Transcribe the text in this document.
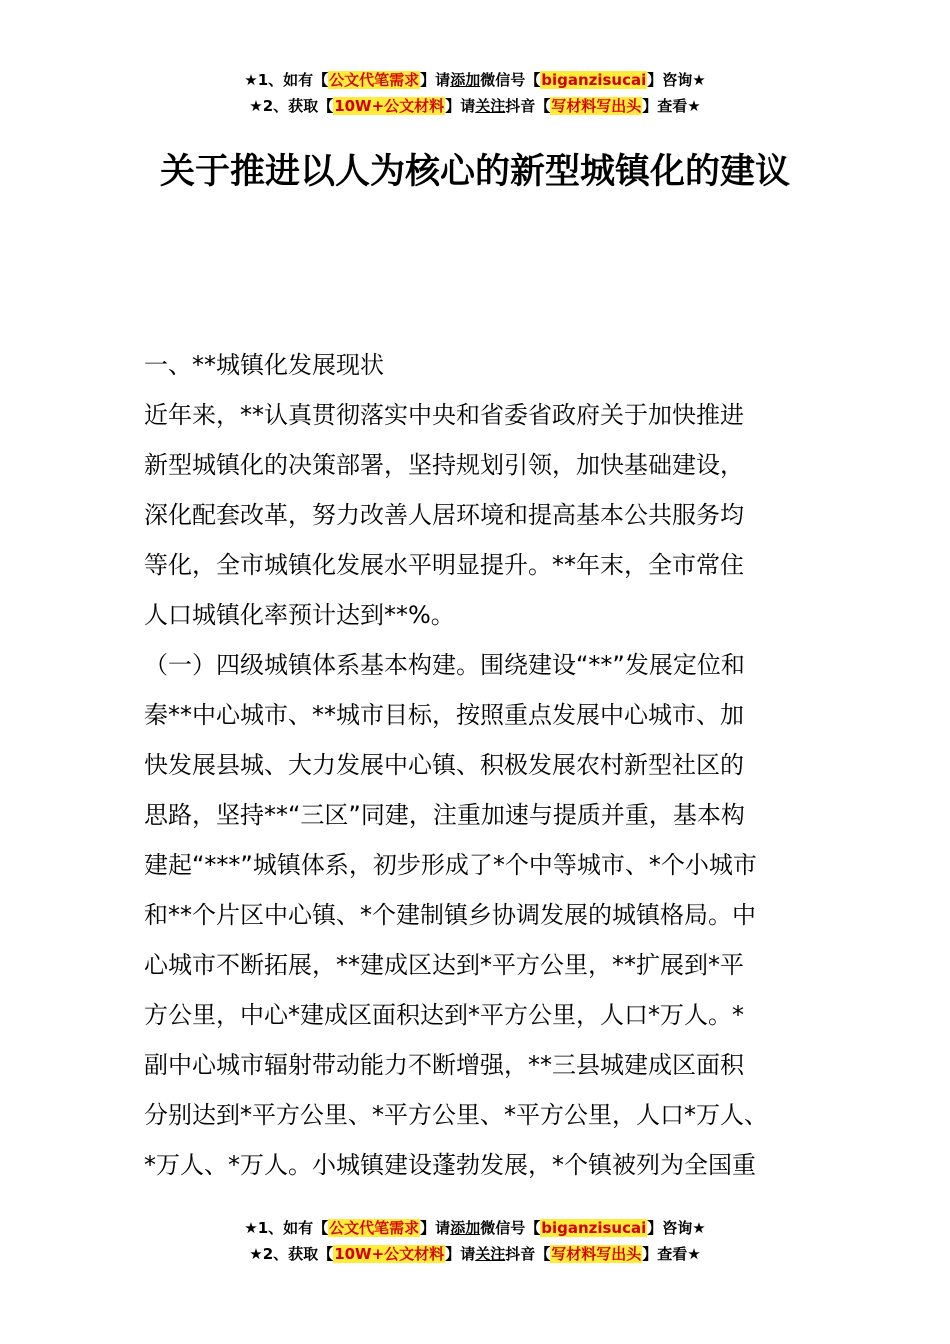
★1、如有【公文代笔需求】请添加微信号【biganzisucai】咨询★
★2、获取【10W+公文材料】请关注抖音【写材料写出头】查看★
关于推进以人为核心的新型城镇化的建议
一、**城镇化发展现状
近年来，**认真贯彻落实中央和省委省政府关于加快推进
新型城镇化的决策部署，坚持规划引领，加快基础建设，
深化配套改革，努力改善人居环境和提高基本公共服务均
等化，全市城镇化发展水平明显提升。**年末，全市常住
人口城镇化率预计达到**%。
（一）四级城镇体系基本构建。围绕建设“**”发展定位和
秦**中心城市、**城市目标，按照重点发展中心城市、加
快发展县城、大力发展中心镇、积极发展农村新型社区的
思路，坚持**“三区”同建，注重加速与提质并重，基本构
建起“***”城镇体系，初步形成了*个中等城市、*个小城市
和**个片区中心镇、*个建制镇乡协调发展的城镇格局。中
心城市不断拓展，**建成区达到*平方公里，**扩展到*平
方公里，中心*建成区面积达到*平方公里，人口*万人。*
副中心城市辐射带动能力不断增强，**三县城建成区面积
分别达到*平方公里、*平方公里、*平方公里，人口*万人、
*万人、*万人。小城镇建设蓬勃发展，*个镇被列为全国重
★1、如有【公文代笔需求】请添加微信号【biganzisucai】咨询★
★2、获取【10W+公文材料】请关注抖音【写材料写出头】查看★
